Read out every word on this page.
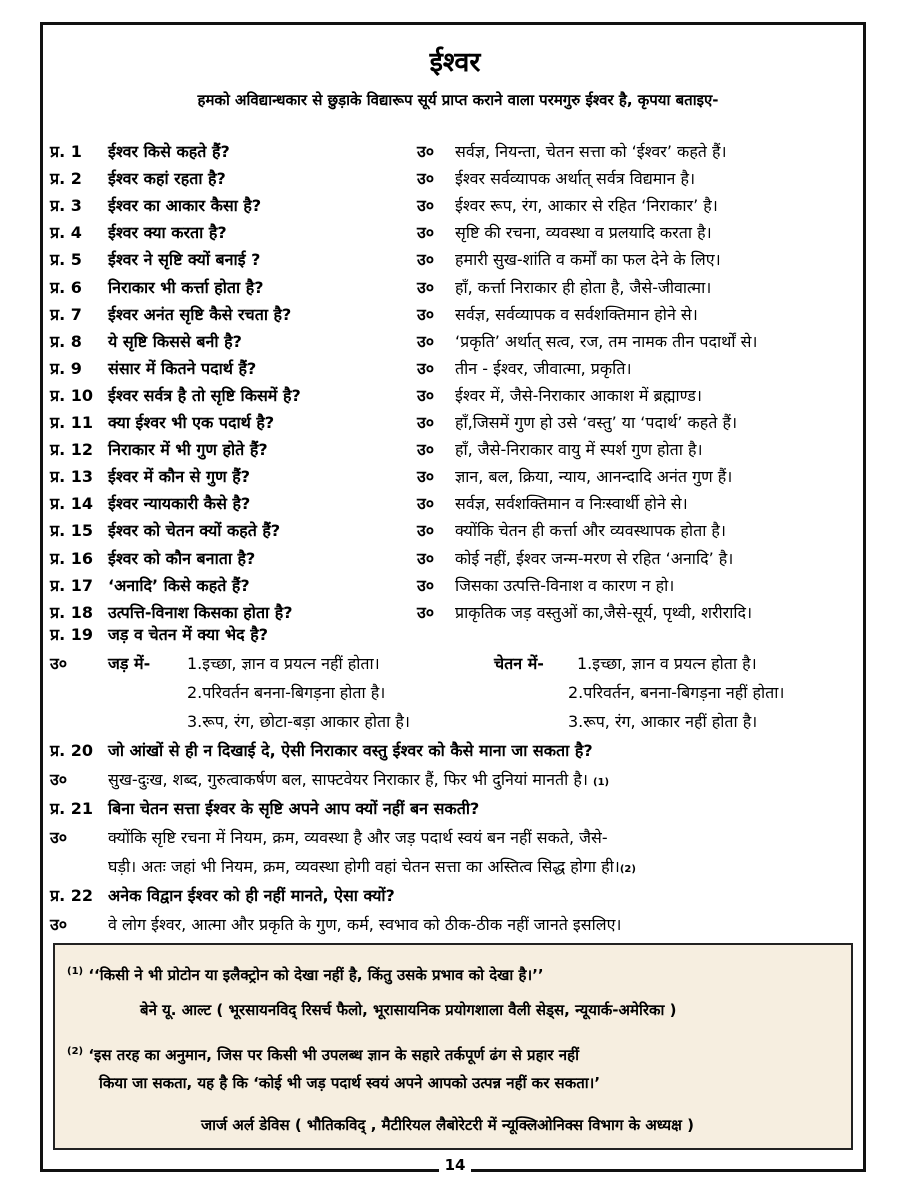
ईश्वर
हमको अविद्यान्धकार से छुड़ाके विद्यारूप सूर्य प्राप्त कराने वाला परमगुरु ईश्वर है, कृपया बताइए-
प्र. 1 ईश्वर किसे कहते हैं?	उ० सर्वज्ञ, नियन्ता, चेतन सत्ता को ‘ईश्वर’ कहते हैं।
प्र. 2 ईश्वर कहां रहता है?	उ० ईश्वर सर्वव्यापक अर्थात् सर्वत्र विद्यमान है।
प्र. 3 ईश्वर का आकार कैसा है?	उ० ईश्वर रूप, रंग, आकार से रहित ‘निराकार’ है।
प्र. 4 ईश्वर क्या करता है?	उ० सृष्टि की रचना, व्यवस्था व प्रलयादि करता है।
प्र. 5 ईश्वर ने सृष्टि क्यों बनाई ?	उ० हमारी सुख-शांति व कर्मों का फल देने के लिए।
प्र. 6 निराकार भी कर्त्ता होता है?	उ० हाँ, कर्त्ता निराकार ही होता है, जैसे-जीवात्मा।
प्र. 7 ईश्वर अनंत सृष्टि कैसे रचता है?	उ० सर्वज्ञ, सर्वव्यापक व सर्वशक्तिमान होने से।
प्र. 8 ये सृष्टि किससे बनी है?	उ० ‘प्रकृति’ अर्थात् सत्व, रज, तम नामक तीन पदार्थों से।
प्र. 9 संसार में कितने पदार्थ हैं?	उ० तीन - ईश्वर, जीवात्मा, प्रकृति।
प्र. 10 ईश्वर सर्वत्र है तो सृष्टि किसमें है?	उ० ईश्वर में, जैसे-निराकार आकाश में ब्रह्माण्ड।
प्र. 11 क्या ईश्वर भी एक पदार्थ है?	उ० हाँ,जिसमें गुण हो उसे ‘वस्तु’ या ‘पदार्थ’ कहते हैं।
प्र. 12 निराकार में भी गुण होते हैं?	उ० हाँ, जैसे-निराकार वायु में स्पर्श गुण होता है।
प्र. 13 ईश्वर में कौन से गुण हैं?	उ० ज्ञान, बल, क्रिया, न्याय, आनन्दादि अनंत गुण हैं।
प्र. 14 ईश्वर न्यायकारी कैसे है?	उ० सर्वज्ञ, सर्वशक्तिमान व निःस्वार्थी होने से।
प्र. 15 ईश्वर को चेतन क्यों कहते हैं?	उ० क्योंकि चेतन ही कर्त्ता और व्यवस्थापक होता है।
प्र. 16 ईश्वर को कौन बनाता है?	उ० कोई नहीं, ईश्वर जन्म-मरण से रहित ‘अनादि’ है।
प्र. 17 ‘अनादि’ किसे कहते हैं?	उ० जिसका उत्पत्ति-विनाश व कारण न हो।
प्र. 18 उत्पत्ति-विनाश किसका होता है?	उ० प्राकृतिक जड़ वस्तुओं का,जैसे-सूर्य, पृथ्वी, शरीरादि।
प्र. 19 जड़ व चेतन में क्या भेद है?
उ०	जड़ में- 1.इच्छा, ज्ञान व प्रयत्न नहीं होता।	चेतन में- 1.इच्छा, ज्ञान व प्रयत्न होता है।
2.परिवर्तन बनना-बिगड़ना होता है।	2.परिवर्तन, बनना-बिगड़ना नहीं होता।
3.रूप, रंग, छोटा-बड़ा आकार होता है।	3.रूप, रंग, आकार नहीं होता है।
प्र. 20 जो आंखों से ही न दिखाई दे, ऐसी निराकार वस्तु ईश्वर को कैसे माना जा सकता है?
उ०	सुख-दुःख, शब्द, गुरुत्वाकर्षण बल, साफ्टवेयर निराकार हैं, फिर भी दुनियां मानती है। (1)
प्र. 21 बिना चेतन सत्ता ईश्वर के सृष्टि अपने आप क्यों नहीं बन सकती?
उ०	क्योंकि सृष्टि रचना में नियम, क्रम, व्यवस्था है और जड़ पदार्थ स्वयं बन नहीं सकते, जैसे-
घड़ी। अतः जहां भी नियम, क्रम, व्यवस्था होगी वहां चेतन सत्ता का अस्तित्व सिद्ध होगा ही।(2)
प्र. 22 अनेक विद्वान ईश्वर को ही नहीं मानते, ऐसा क्यों?
उ०	वे लोग ईश्वर, आत्मा और प्रकृति के गुण, कर्म, स्वभाव को ठीक-ठीक नहीं जानते इसलिए।
$^{(1)}$ ‘‘किसी ने भी प्रोटोन या इलैक्ट्रोन को देखा नहीं है, किंतु उसके प्रभाव को देखा है।’’
बेने यू. आल्ट ( भूरसायनविद् रिसर्च फैलो, भूरासायनिक प्रयोगशाला वैली सेड्स, न्यूयार्क-अमेरिका )
$^{(2)}$ ‘इस तरह का अनुमान, जिस पर किसी भी उपलब्ध ज्ञान के सहारे तर्कपूर्ण ढंग से प्रहार नहीं
किया जा सकता, यह है कि ‘कोई भी जड़ पदार्थ स्वयं अपने आपको उत्पन्न नहीं कर सकता।’
जार्ज अर्ल डेविस ( भौतिकविद् , मैटीरियल लैबोरेटरी में न्यूक्लिओनिक्स विभाग के अध्यक्ष )
14
